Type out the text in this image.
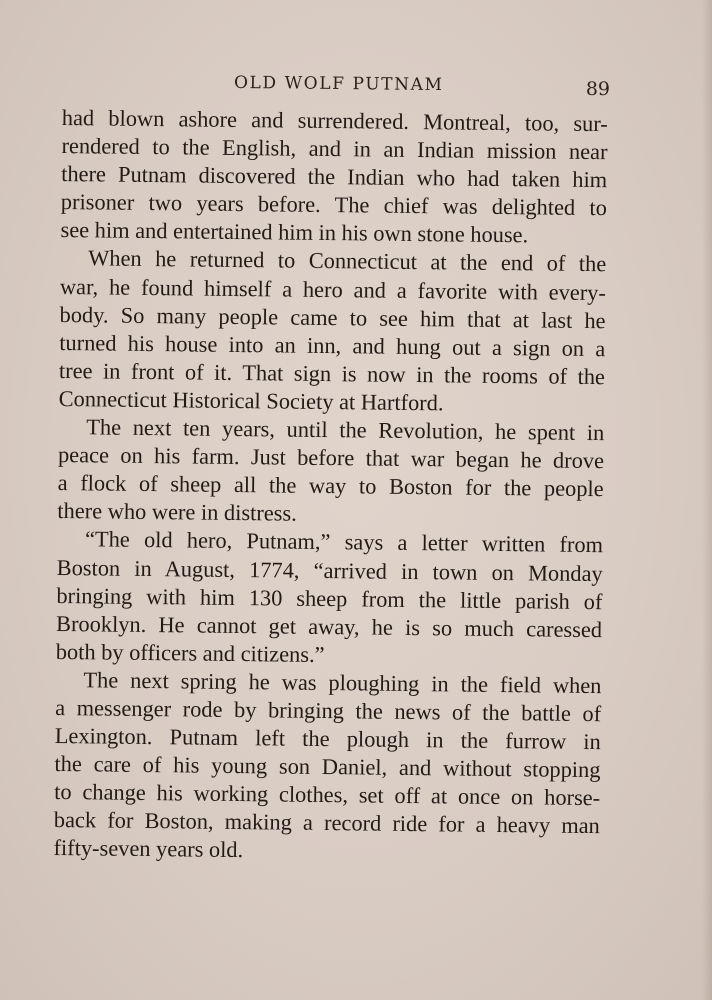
OLD WOLF PUTNAM	89
had blown ashore and surrendered. Montreal, too, sur-
rendered to the English, and in an Indian mission near
there Putnam discovered the Indian who had taken him
prisoner two years before. The chief was delighted to
see him and entertained him in his own stone house.
When he returned to Connecticut at the end of the
war, he found himself a hero and a favorite with every-
body. So many people came to see him that at last he
turned his house into an inn, and hung out a sign on a
tree in front of it. That sign is now in the rooms of the
Connecticut Historical Society at Hartford.
The next ten years, until the Revolution, he spent in
peace on his farm. Just before that war began he drove
a flock of sheep all the way to Boston for the people
there who were in distress.
“The old hero, Putnam,” says a letter written from
Boston in August, 1774, “arrived in town on Monday
bringing with him 130 sheep from the little parish of
Brooklyn. He cannot get away, he is so much caressed
both by officers and citizens.”
The next spring he was ploughing in the field when
a messenger rode by bringing the news of the battle of
Lexington. Putnam left the plough in the furrow in
the care of his young son Daniel, and without stopping
to change his working clothes, set off at once on horse-
back for Boston, making a record ride for a heavy man
fifty-seven years old.
